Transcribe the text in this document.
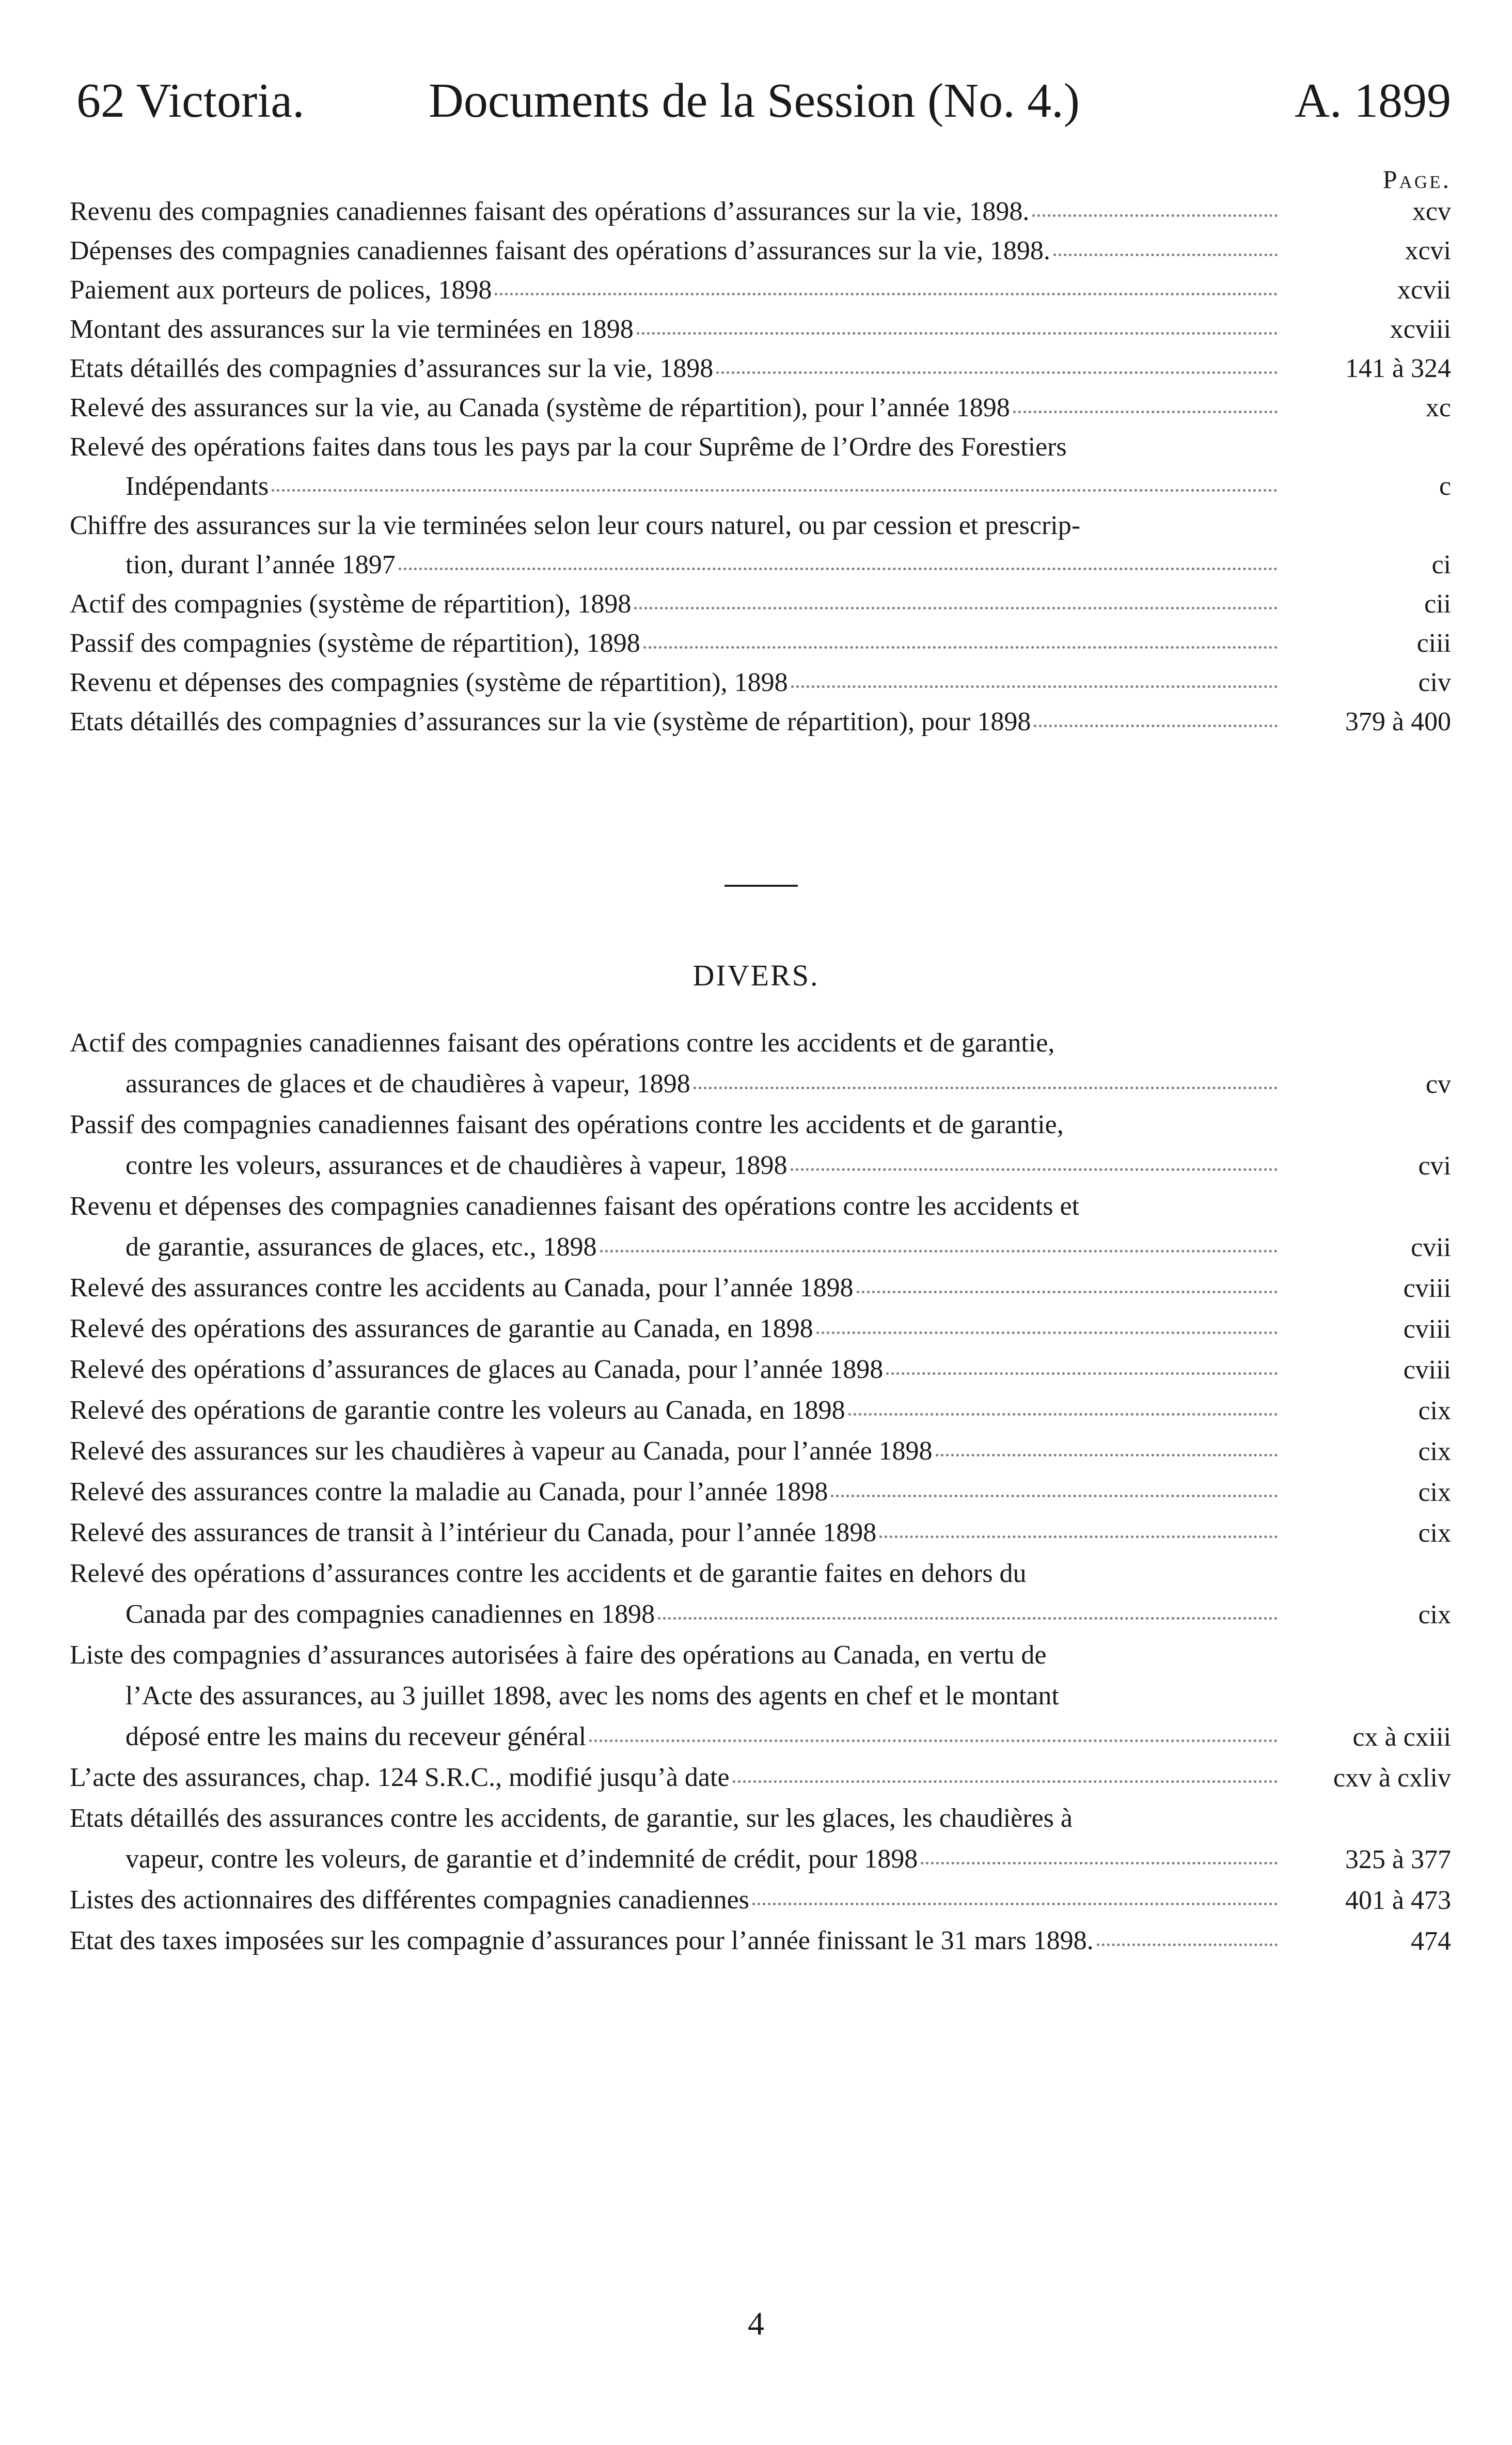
62 Victoria.	Documents de la Session (No. 4.)	A. 1899
Page.
Revenu des compagnies canadiennes faisant des opérations d’assurances sur la vie, 1898.	xcv
Dépenses des compagnies canadiennes faisant des opérations d’assurances sur la vie, 1898.	xcvi
Paiement aux porteurs de polices, 1898	xcvii
Montant des assurances sur la vie terminées en 1898	xcviii
Etats détaillés des compagnies d’assurances sur la vie, 1898	141 à 324
Relevé des assurances sur la vie, au Canada (système de répartition), pour l’année 1898	xc
Relevé des opérations faites dans tous les pays par la cour Suprême de l’Ordre des Forestiers
Indépendants	c
Chiffre des assurances sur la vie terminées selon leur cours naturel, ou par cession et prescrip-
tion, durant l’année 1897	ci
Actif des compagnies (système de répartition), 1898	cii
Passif des compagnies (système de répartition), 1898	ciii
Revenu et dépenses des compagnies (système de répartition), 1898	civ
Etats détaillés des compagnies d’assurances sur la vie (système de répartition), pour 1898	379 à 400
DIVERS.
Actif des compagnies canadiennes faisant des opérations contre les accidents et de garantie,
assurances de glaces et de chaudières à vapeur, 1898	cv
Passif des compagnies canadiennes faisant des opérations contre les accidents et de garantie,
contre les voleurs, assurances et de chaudières à vapeur, 1898	cvi
Revenu et dépenses des compagnies canadiennes faisant des opérations contre les accidents et
de garantie, assurances de glaces, etc., 1898	cvii
Relevé des assurances contre les accidents au Canada, pour l’année 1898	cviii
Relevé des opérations des assurances de garantie au Canada, en 1898	cviii
Relevé des opérations d’assurances de glaces au Canada, pour l’année 1898	cviii
Relevé des opérations de garantie contre les voleurs au Canada, en 1898	cix
Relevé des assurances sur les chaudières à vapeur au Canada, pour l’année 1898	cix
Relevé des assurances contre la maladie au Canada, pour l’année 1898	cix
Relevé des assurances de transit à l’intérieur du Canada, pour l’année 1898	cix
Relevé des opérations d’assurances contre les accidents et de garantie faites en dehors du
Canada par des compagnies canadiennes en 1898	cix
Liste des compagnies d’assurances autorisées à faire des opérations au Canada, en vertu de
l’Acte des assurances, au 3 juillet 1898, avec les noms des agents en chef et le montant
déposé entre les mains du receveur général	cx à cxiii
L’acte des assurances, chap. 124 S.R.C., modifié jusqu’à date	cxv à cxliv
Etats détaillés des assurances contre les accidents, de garantie, sur les glaces, les chaudières à
vapeur, contre les voleurs, de garantie et d’indemnité de crédit, pour 1898	325 à 377
Listes des actionnaires des différentes compagnies canadiennes	401 à 473
Etat des taxes imposées sur les compagnie d’assurances pour l’année finissant le 31 mars 1898.	474
4
